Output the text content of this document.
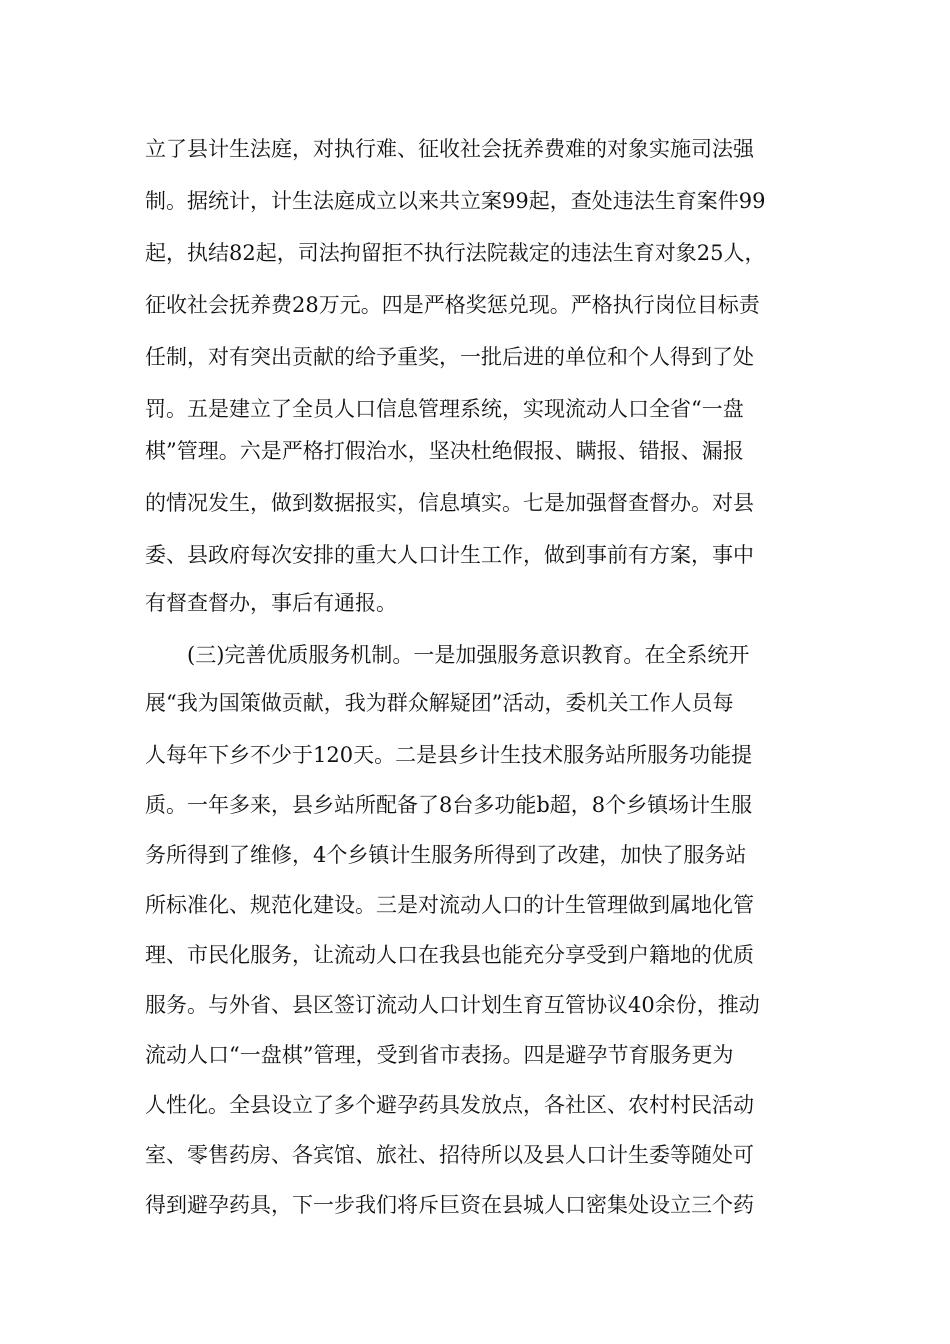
立了县计生法庭，对执行难、征收社会抚养费难的对象实施司法强
制。据统计，计生法庭成立以来共立案99起，查处违法生育案件99
起，执结82起，司法拘留拒不执行法院裁定的违法生育对象25人，
征收社会抚养费28万元。四是严格奖惩兑现。严格执行岗位目标责
任制，对有突出贡献的给予重奖，一批后进的单位和个人得到了处
罚。五是建立了全员人口信息管理系统，实现流动人口全省“一盘
棋”管理。六是严格打假治水，坚决杜绝假报、瞒报、错报、漏报
的情况发生，做到数据报实，信息填实。七是加强督查督办。对县
委、县政府每次安排的重大人口计生工作，做到事前有方案，事中
有督查督办，事后有通报。
(三)完善优质服务机制。一是加强服务意识教育。在全系统开
展“我为国策做贡献，我为群众解疑团”活动，委机关工作人员每
人每年下乡不少于120天。二是县乡计生技术服务站所服务功能提
质。一年多来，县乡站所配备了8台多功能b超，8个乡镇场计生服
务所得到了维修，4个乡镇计生服务所得到了改建，加快了服务站
所标准化、规范化建设。三是对流动人口的计生管理做到属地化管
理、市民化服务，让流动人口在我县也能充分享受到户籍地的优质
服务。与外省、县区签订流动人口计划生育互管协议40余份，推动
流动人口“一盘棋”管理，受到省市表扬。四是避孕节育服务更为
人性化。全县设立了多个避孕药具发放点，各社区、农村村民活动
室、零售药房、各宾馆、旅社、招待所以及县人口计生委等随处可
得到避孕药具，下一步我们将斥巨资在县城人口密集处设立三个药
